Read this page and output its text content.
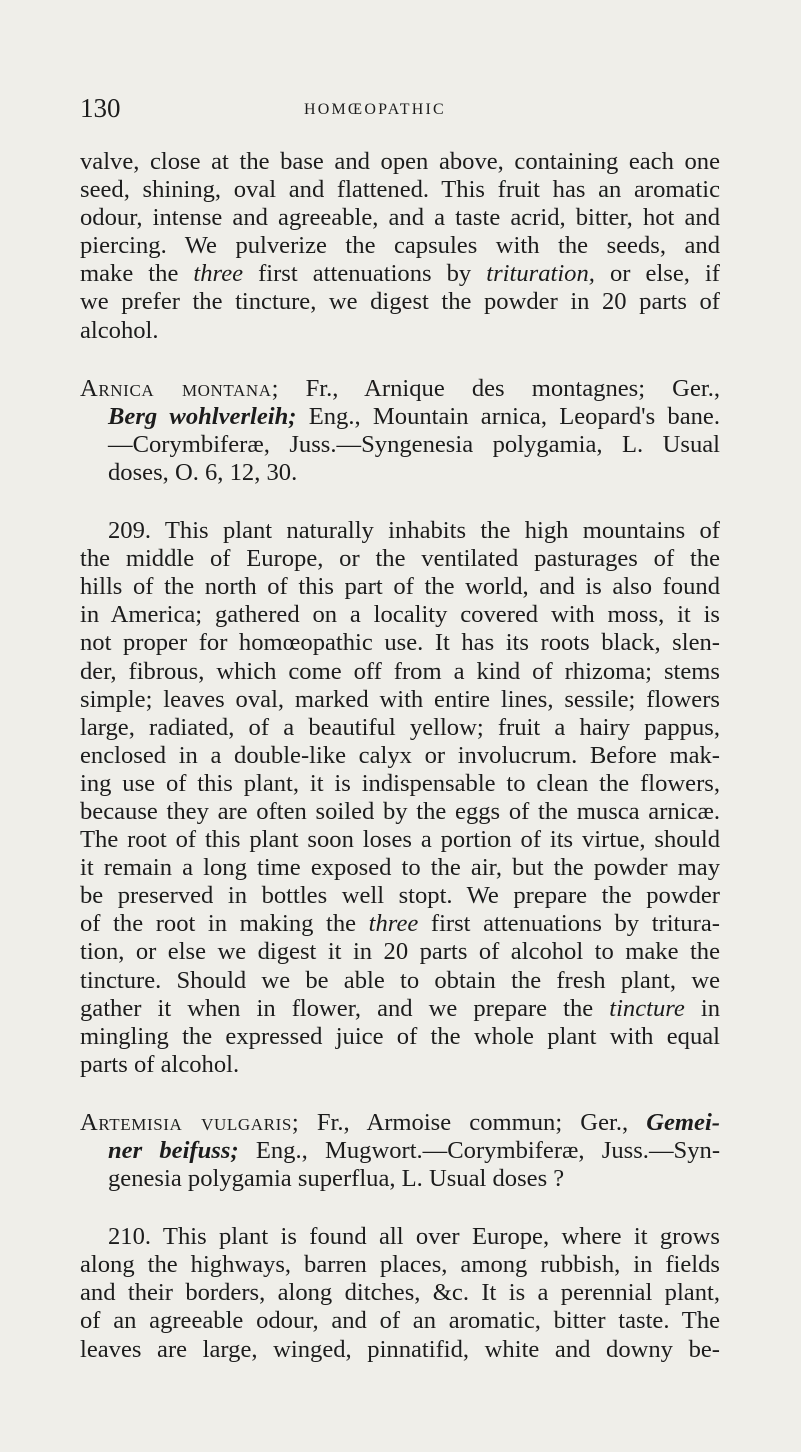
130	HOMŒOPATHIC
valve, close at the base and open above, containing each one
seed, shining, oval and flattened. This fruit has an aromatic
odour, intense and agreeable, and a taste acrid, bitter, hot and
piercing. We pulverize the capsules with the seeds, and
make the three first attenuations by trituration, or else, if
we prefer the tincture, we digest the powder in 20 parts of
alcohol.
Arnica montana; Fr., Arnique des montagnes; Ger.,
Berg wohlverleih; Eng., Mountain arnica, Leopard's bane.
—Corymbiferæ, Juss.—Syngenesia polygamia, L. Usual
doses, O. 6, 12, 30.
209. This plant naturally inhabits the high mountains of
the middle of Europe, or the ventilated pasturages of the
hills of the north of this part of the world, and is also found
in America; gathered on a locality covered with moss, it is
not proper for homœopathic use. It has its roots black, slen-
der, fibrous, which come off from a kind of rhizoma; stems
simple; leaves oval, marked with entire lines, sessile; flowers
large, radiated, of a beautiful yellow; fruit a hairy pappus,
enclosed in a double-like calyx or involucrum. Before mak-
ing use of this plant, it is indispensable to clean the flowers,
because they are often soiled by the eggs of the musca arnicæ.
The root of this plant soon loses a portion of its virtue, should
it remain a long time exposed to the air, but the powder may
be preserved in bottles well stopt. We prepare the powder
of the root in making the three first attenuations by tritura-
tion, or else we digest it in 20 parts of alcohol to make the
tincture. Should we be able to obtain the fresh plant, we
gather it when in flower, and we prepare the tincture in
mingling the expressed juice of the whole plant with equal
parts of alcohol.
Artemisia vulgaris; Fr., Armoise commun; Ger., Gemei-
ner beifuss; Eng., Mugwort.—Corymbiferæ, Juss.—Syn-
genesia polygamia superflua, L. Usual doses ?
210. This plant is found all over Europe, where it grows
along the highways, barren places, among rubbish, in fields
and their borders, along ditches, &c. It is a perennial plant,
of an agreeable odour, and of an aromatic, bitter taste. The
leaves are large, winged, pinnatifid, white and downy be-
